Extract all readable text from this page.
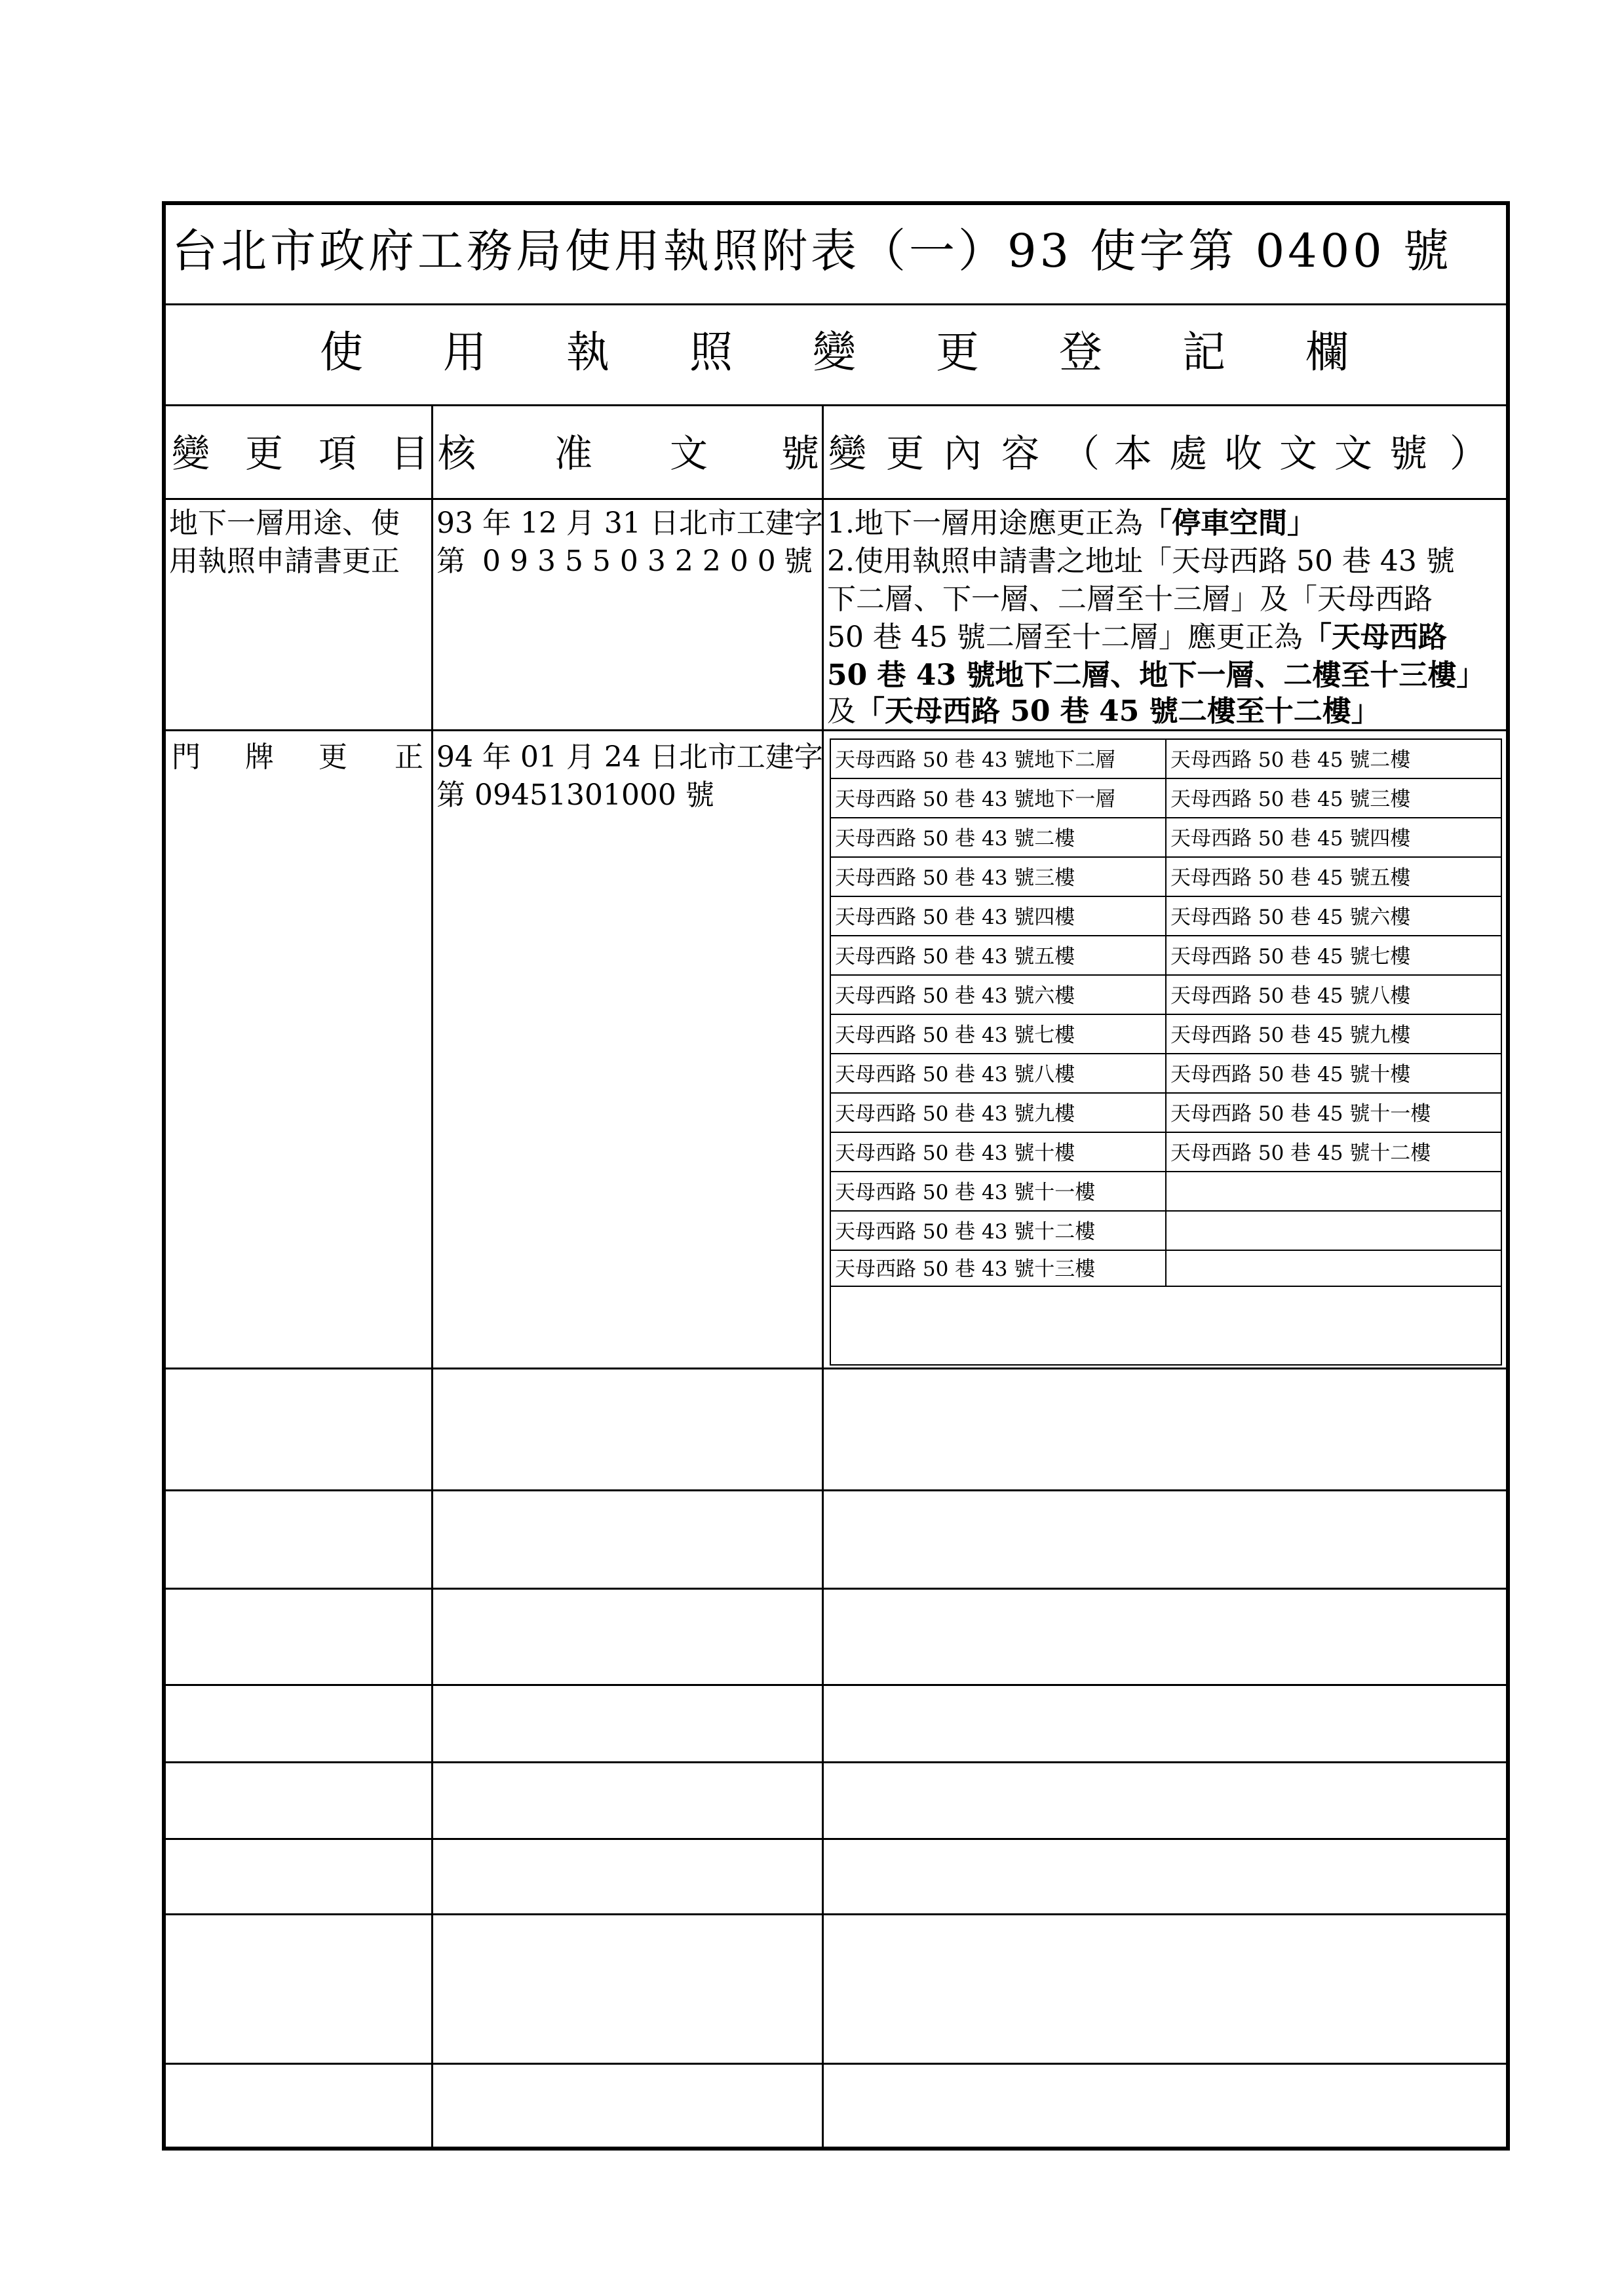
台北市政府工務局使用執照附表（一）93 使字第 0400 號
使 用 執 照 變 更 登 記 欄
變 更 項 目 核 准 文 號 變 更 內 容 （ 本 處 收 文 文 號 ）
地下一層用途、使
用執照申請書更正
93 年 12 月 31 日北市工建字
第 0 9 3 5 5 0 3 2 2 0 0 號
1.地下一層用途應更正為「停車空間」
2.使用執照申請書之地址「天母西路 50 巷 43 號
下二層、下一層、二層至十三層」及「天母西路
50 巷 45 號二層至十二層」應更正為「天母西路
50 巷 43 號地下二層、地下一層、二樓至十三樓」
及「天母西路 50 巷 45 號二樓至十二樓」
門 牌 更 正 94 年 01 月 24 日北市工建字
第 09451301000 號
天母西路 50 巷 43 號地下二層
天母西路 50 巷 43 號地下一層
天母西路 50 巷 43 號二樓
天母西路 50 巷 43 號三樓
天母西路 50 巷 43 號四樓
天母西路 50 巷 43 號五樓
天母西路 50 巷 43 號六樓
天母西路 50 巷 43 號七樓
天母西路 50 巷 43 號八樓
天母西路 50 巷 43 號九樓
天母西路 50 巷 43 號十樓
天母西路 50 巷 43 號十一樓
天母西路 50 巷 43 號十二樓
天母西路 50 巷 43 號十三樓
天母西路 50 巷 45 號二樓
天母西路 50 巷 45 號三樓
天母西路 50 巷 45 號四樓
天母西路 50 巷 45 號五樓
天母西路 50 巷 45 號六樓
天母西路 50 巷 45 號七樓
天母西路 50 巷 45 號八樓
天母西路 50 巷 45 號九樓
天母西路 50 巷 45 號十樓
天母西路 50 巷 45 號十一樓
天母西路 50 巷 45 號十二樓
